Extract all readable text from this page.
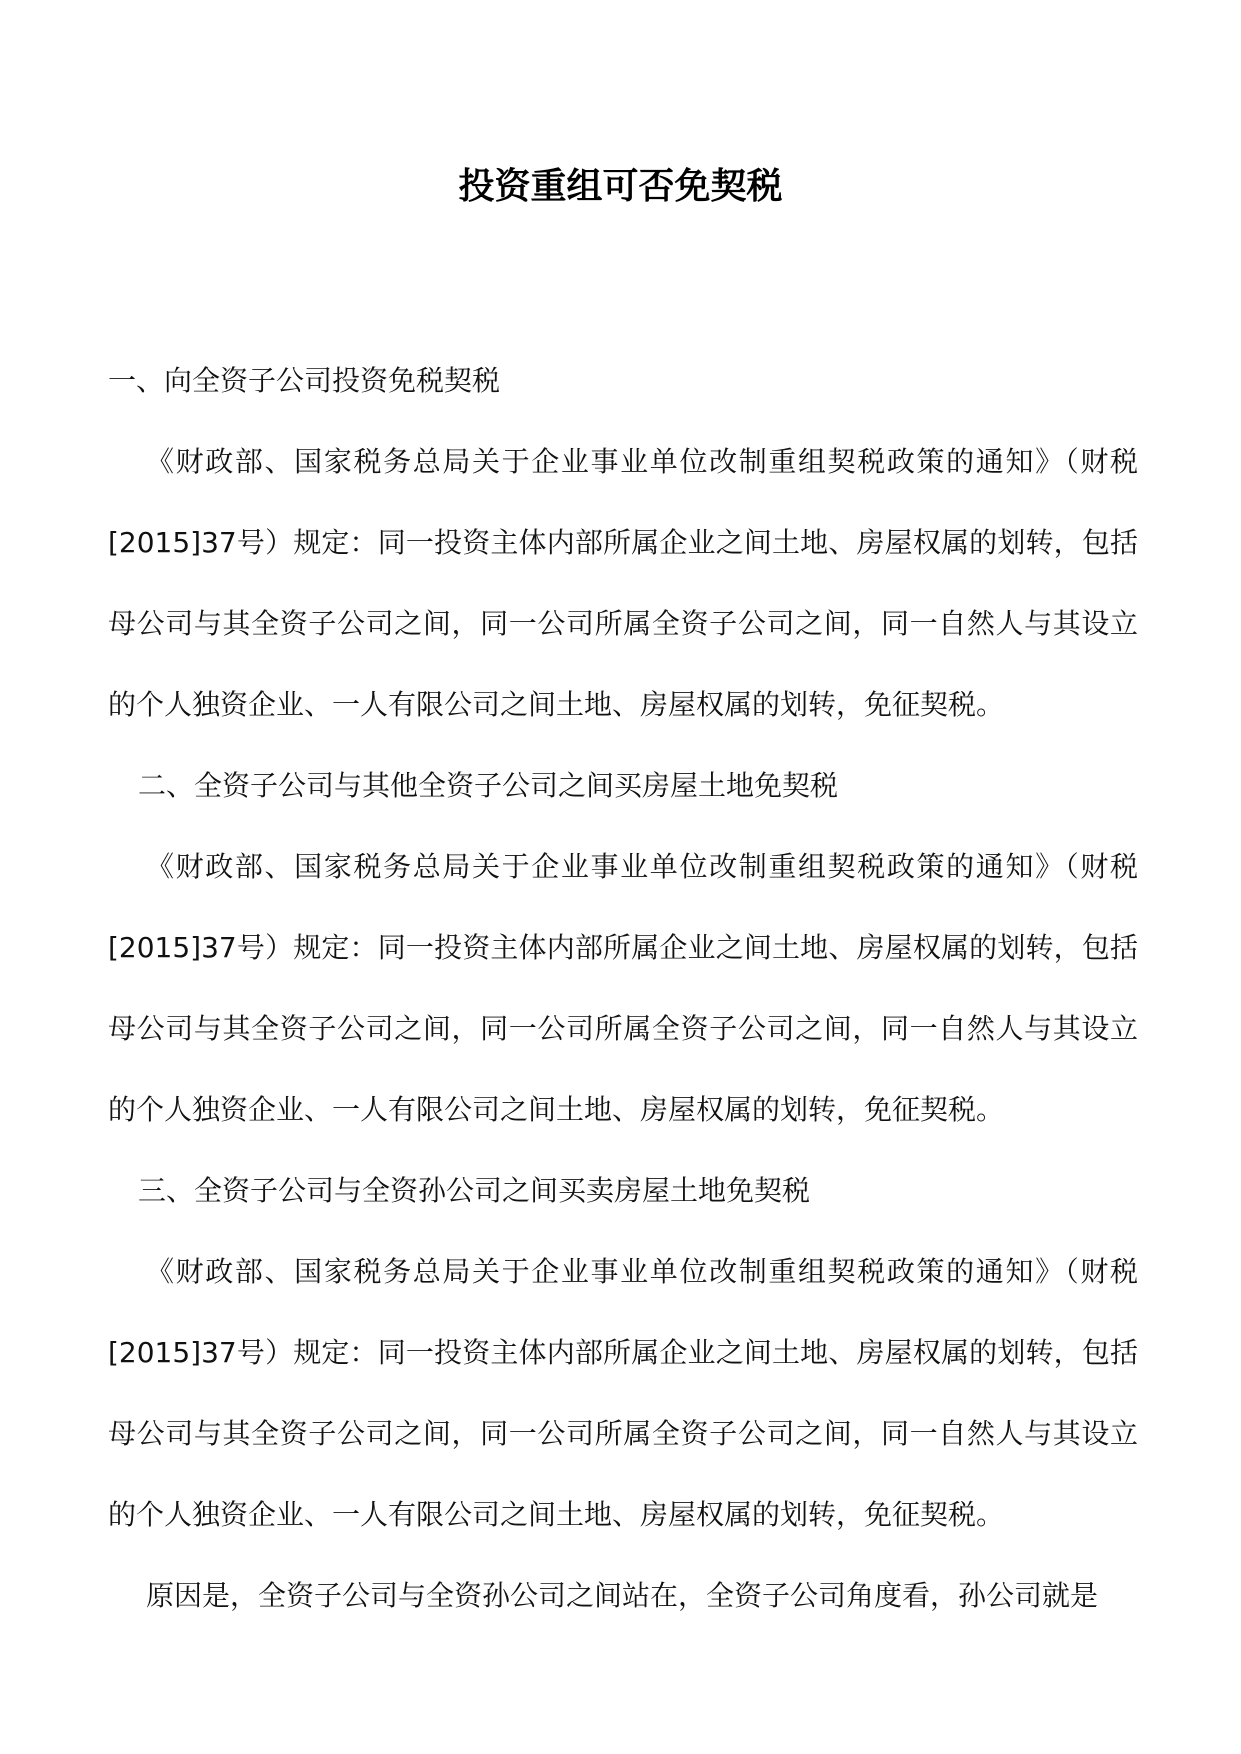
投资重组可否免契税

一、向全资子公司投资免税契税

《财政部、国家税务总局关于企业事业单位改制重组契税政策的通知》（财税[2015]37号）规定：同一投资主体内部所属企业之间土地、房屋权属的划转，包括母公司与其全资子公司之间，同一公司所属全资子公司之间，同一自然人与其设立的个人独资企业、一人有限公司之间土地、房屋权属的划转，免征契税。

二、全资子公司与其他全资子公司之间买房屋土地免契税

《财政部、国家税务总局关于企业事业单位改制重组契税政策的通知》（财税[2015]37号）规定：同一投资主体内部所属企业之间土地、房屋权属的划转，包括母公司与其全资子公司之间，同一公司所属全资子公司之间，同一自然人与其设立的个人独资企业、一人有限公司之间土地、房屋权属的划转，免征契税。

三、全资子公司与全资孙公司之间买卖房屋土地免契税

《财政部、国家税务总局关于企业事业单位改制重组契税政策的通知》（财税[2015]37号）规定：同一投资主体内部所属企业之间土地、房屋权属的划转，包括母公司与其全资子公司之间，同一公司所属全资子公司之间，同一自然人与其设立的个人独资企业、一人有限公司之间土地、房屋权属的划转，免征契税。

原因是，全资子公司与全资孙公司之间站在，全资子公司角度看，孙公司就是
